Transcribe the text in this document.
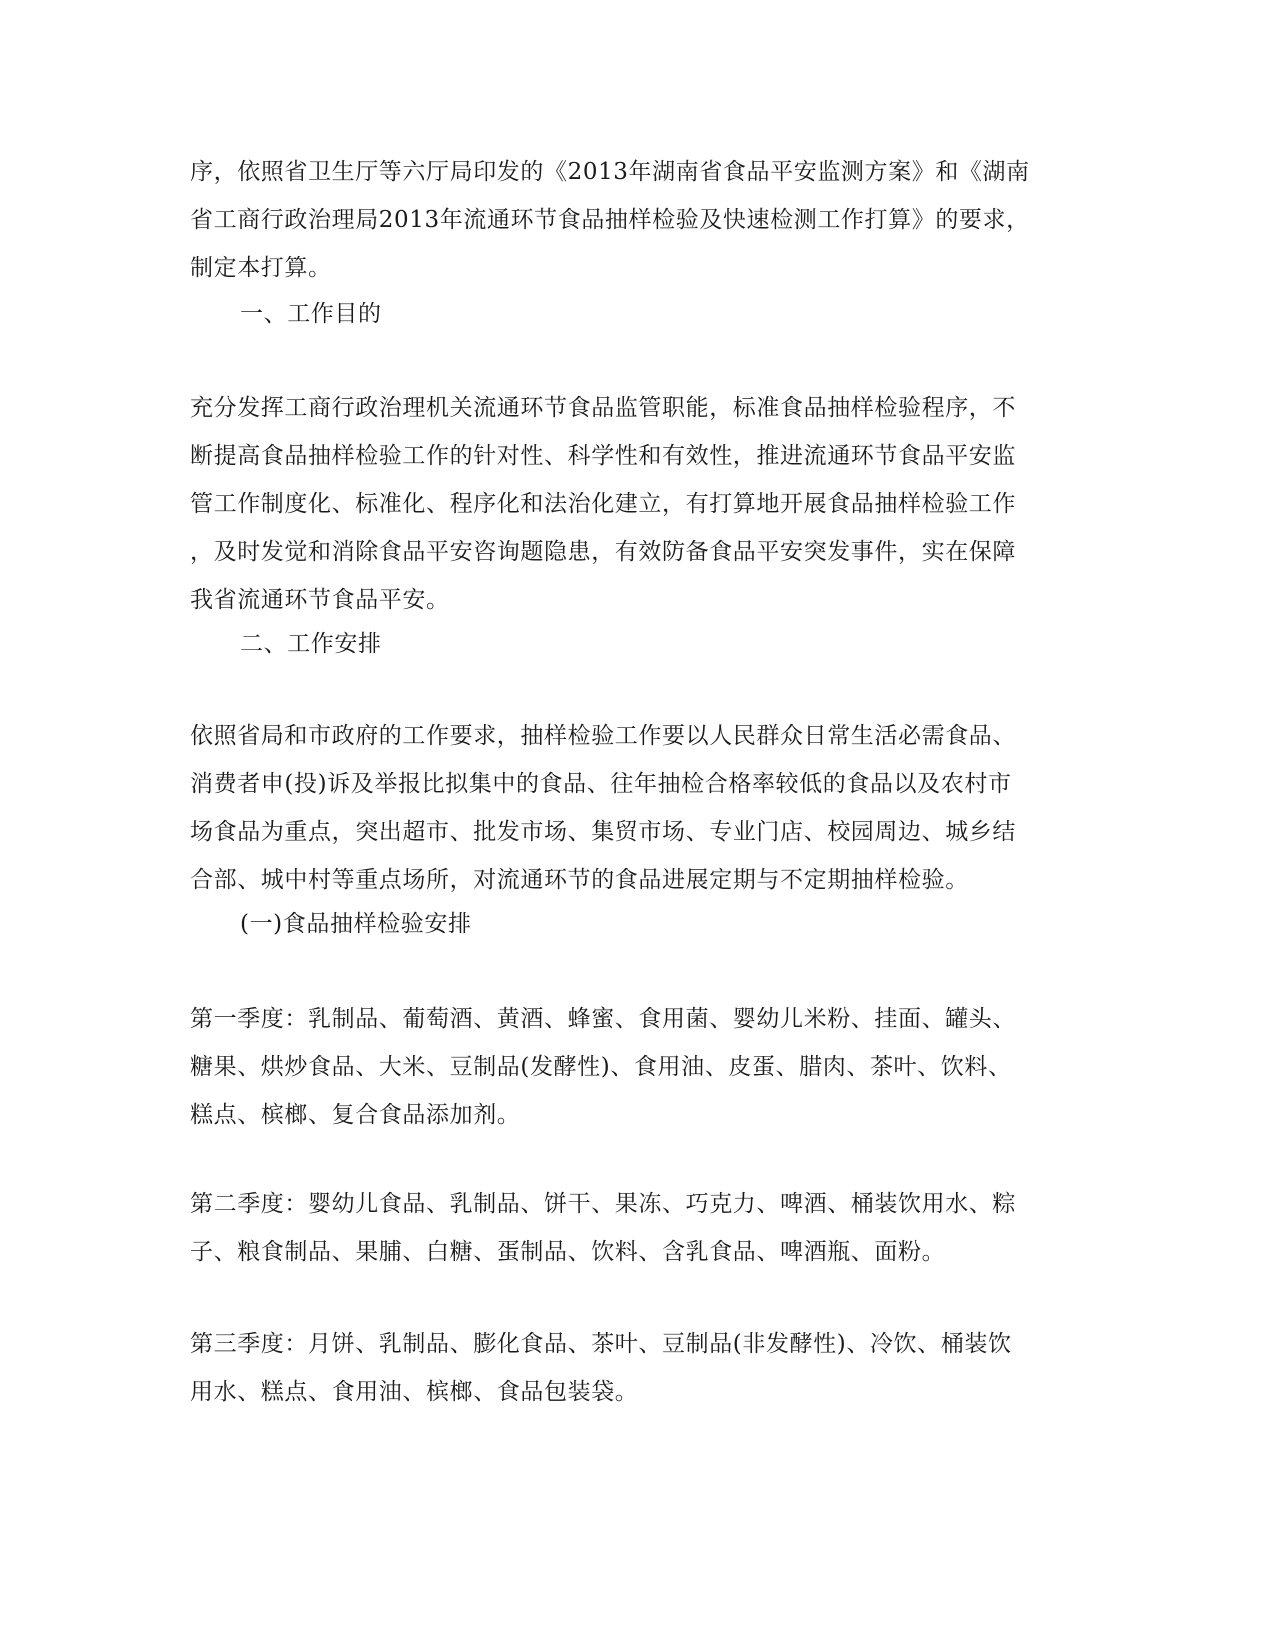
序，依照省卫生厅等六厅局印发的《2013年湖南省食品平安监测方案》和《湖南
省工商行政治理局2013年流通环节食品抽样检验及快速检测工作打算》的要求，
制定本打算。
一、工作目的
充分发挥工商行政治理机关流通环节食品监管职能，标准食品抽样检验程序，不
断提高食品抽样检验工作的针对性、科学性和有效性，推进流通环节食品平安监
管工作制度化、标准化、程序化和法治化建立，有打算地开展食品抽样检验工作
，及时发觉和消除食品平安咨询题隐患，有效防备食品平安突发事件，实在保障
我省流通环节食品平安。
二、工作安排
依照省局和市政府的工作要求，抽样检验工作要以人民群众日常生活必需食品、
消费者申(投)诉及举报比拟集中的食品、往年抽检合格率较低的食品以及农村市
场食品为重点，突出超市、批发市场、集贸市场、专业门店、校园周边、城乡结
合部、城中村等重点场所，对流通环节的食品进展定期与不定期抽样检验。
(一)食品抽样检验安排
第一季度：乳制品、葡萄酒、黄酒、蜂蜜、食用菌、婴幼儿米粉、挂面、罐头、
糖果、烘炒食品、大米、豆制品(发酵性)、食用油、皮蛋、腊肉、茶叶、饮料、
糕点、槟榔、复合食品添加剂。
第二季度：婴幼儿食品、乳制品、饼干、果冻、巧克力、啤酒、桶装饮用水、粽
子、粮食制品、果脯、白糖、蛋制品、饮料、含乳食品、啤酒瓶、面粉。
第三季度：月饼、乳制品、膨化食品、茶叶、豆制品(非发酵性)、冷饮、桶装饮
用水、糕点、食用油、槟榔、食品包装袋。
